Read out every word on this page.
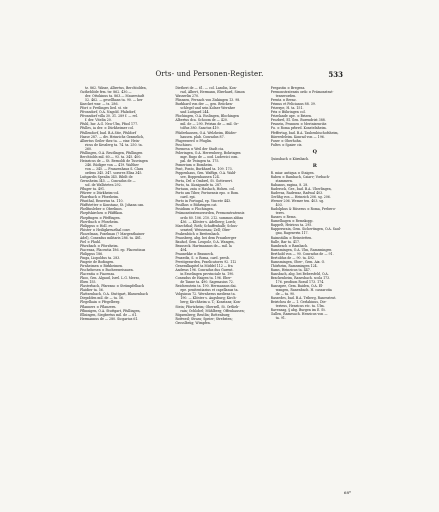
Orts- und Personen-Register.	533
tz. 862. Wässe, Albertus, Berchtolden,
Gutheblöde frm. tw. 862. 430.—
der. Ottokinus ta. 863.— Mauerstadt
52. 462. — gesellhans ta. 90. — her
Knecket wnr. — tz. 286.
Pfort ≡ Freilinges lied. st. str.
Pfronsdorf, O.A. Nagold. Pfalzdorf,
Pfronsdorf villa 30. 31. 289 f. — rel.
f. der. Vitelin 20.
Pfuhl, hsr. A.G. Neu-Ulm, Pfuol 177.
Pfulles, ia der. ≡ Dürkheimer col.
Pfullendorf, bad. B.A.Stie, Pfuldorf
Hasse 287. — div. Heinrichs Gramelich,
Albertus Geiler thez ta. — einr. Hein-
ricus de Kesslerg ta. 74. ta. 250. ta.
260.
Pfullingen, O.A. Reutlingen, Pfullingen
Berchtolds mil. 60.— 93. ta. 345. 400.
Heinricus de — St. Bernoldi de Tusvingen
246. Rüdiger von — 419. Walther
von — 345. — Franzenhaus S. Clara
ordens 345. 347. sorores Elisa 345.
Luitgardis Spealin 345. Ribilt de
Gernsheim 345. — Conradus de —
sol. de Wallsteten 292.
Pfluger ta. 491.
Pfürrer ≡ Dürkheim-col.
Pharrbach ≡ Pforzheim.
Pfunthal, Reuerius ta. 110.
Pfaffstetter ≡ Konstanz, St. Johann can.
Phelfinsleber ≡ Oberlinos.
Phepfskirchen ≡ Pfäffikon.
Phepfingen ≡ Pfeffingen.
Phertbach ≡ Pforzheim.
Philippus ≡ Holl. ev.
Phister ≡ Heiligkreuzthal conv.
Phozelman, Pozelman (? Margenthainer
Adel), Conradus militaris 286. ta. 481.
Piel ≡ Phuhl.
Pfurzbach ≡ Pforzheim.
Piacenza, Placentia 186. ep. Placentinus
Philippus 186.
Pinga, Liopoldus ta. 283.
Pingeie de Bodingen.
Pirnheimen ≡ Birkheimen.
Pischelsesen ≡ Buchenweisauen.
Placentia ≡ Piacenza.
Pkoo, Gen. Algaud, Isrel. L.G. Merzo,
Eben 155.
Plasterbach, Pfarrano ≡ Strümpfelbach
Plaidier ta. 56.
Plattsenbach, O.A. Stuttgart, Blassenbach
Diepolden mil. de — ta. 56.
Plegelhain ≡ Pfegelberg.
Pflanners ≡ Pflanzern.
Pflinnigen, O.A. Stuttgart, Pfullingen,
Ellningen, Siegbertus mil. de — 61.
Hermannus de — 280. Sicgarius 61.
Dietheri de — 61. — col. Lasolin, Kon-
rad, Albert, Hermann, Eberhard, Simon
Wasserlin 270.
Plinnsen, Fernach von Ziskingen 13. 98.
Burkhard von der —, gen. Brücken-
schlegel und sein Kolner Wernher
und Luitgard 244.
Plochingen, O.A. Esslingen, Blochingen
Albertus dca. Schoom de — 420.
mil. de — 290. Petrian de — mil. Or-
tolfus 380. Sanctus 419.
Plüderhausen, O.A. Welzheim, Blüder-
hausen. plab. Conradus 87.
Plugenwerd ≡ Pfuglin.
Poschiavo.
Poemesa ≡ Weil der Stadt cia.
Poleringen, O.A. Herrenberg, Bohringen
mgr. Rugo de — ood. Ludewici com.
pal. de Twingen ta. 175.
Pomerium ≡ Bomheim.
Pont, Ponto, Burkhard ta. 109. 173.
Poppenhaus, Gen. Waffigs, O.A. Wald-
see, Boppenhausen 124.
Porta, Del ≡ Ombrel, St. Gottswert.
Porto, ta. Kunigunde ta. 287.
Portaun, zata ≡ Haslach, Hohen. col.
Porto am Tiber, Portuensis epo. ≡ Rom.
card. epi.
Porto in Portugal, ep. Vincete 443.
Posilhus ≡ Bühringen cat.
Posidium ≡ Plochingen.
Prämonstratenserorden, Premonstratensis
ordo 80. 106. 210. 212. summus abbas
436. — Klöster s. Adelberg; Lorch;
Marchthal; Roth; Schaffenhalb; Schus-
senried; Weissenau; Zell; Ober-
Frakenbüch ≡ Breitenbach.
Prausberg, abg. bei dem Prausberger
Bauhof, Gem. Leupolz, O.A. Wangen,
Brauseck. Hartmannus de— mil. la
494.
Praunekke ≡ Brauneck.
Praxedis, S. ≡ Roma, card. presb.
Prestigerarden, Praelicatores 92. 112
Generalkapitel ta Middel 112 — fra
Andreas 196. Conradus dus Gurent.
in Esselingen provinciale ta. 190.
Conradus de Haigen ta. 196. Eber-
de Tanne ta. 490. Sagenasius 72.
Reichenstein ta. 190. Hermannus dai.
epe. penitentiarius et capellanus ta.
Volquinus 72. Wernherus mediens ta.
190. — Klöster s. Augsburg; Kirch-
berg; Kirchheim u. T.; Konstanz; Kon-
Stein; Pfortzheim; Oberzell, St. Ortlieb-
rain; Ochlobel; Mühlberg; Offenhausen;
Rüpzenberg; Reutlin; Rottenburg;
Rottweil; Strass; Speier; Strebsten;
Grosslbrüg; Wimpfen.
Pregastin ≡ Bregenz.
Premonstratensis ordo ≡ Prämonstrat-
tenserorden.
Prenta ≡ Brenz.
Primus et Felicianus 88. 39.
Prizerpe, H. ta. 151.
Prix ≡ Bühringen col.
Prizelande upe. ≡ Brizen.
Prozbrel, El. Gen. Burendrist 388.
Prunein, Prunnen ≡ Merinisenriär.
Pu. ≡ Roma prbrrd. Konstelnheim.
Pfeffertag, bad. B.A. Taubenbischofsheim,
Bäwerdeleim. Konrad von — 196.
Puser ≡ Oberhohn.
Pultes ≡ Spaier cis.
Q
Quinsbach ≡ Kürnbach.
R
R. miar. antiqua ≡ Staigen.
Raben ≡ Rambach, Caiarv; Vorbach-
stammern.
Rabanus, ragina, 8. 28.
Raderock, Ger., bad. B.A. Überlingen,
Radevaz, Radewaz, Radwal 403.
Gerlihg von — Heinrich 206. sg. 206.
Werner 206. Wemer ten. 403. sg.
403.
Radolphus & Rüserus ≡ Roma, Prebero-
teres.
Rasses ≡ Rems.
Ramelhagen ≡ Remskopp.
Rappelt, Heiricus ta. 295.
Rappersrain, Gem. Sichertingen, O.A. Saul-
gau, Ragenvrin 117.
Raimstälin ≡ Reinstetten.
Ralle, Bar ta. 417.
Rambrach ≡ Rambach.
Ramsmingen, O.A. Ulm, Ramsmingen
Berthold von — 90. Conradus de — 91.
Bertoldus de — 90. ta. 492.
Ramsmingen, Ober-, Gem. Aix. O.
Thürheim, Ramsmingen 124.
Rams, Heinricus ta. 447.
Ransbach, abg. bei Bebersfeld, O.A.
Brackenheim, Ranesbach. scola 173.
176. prodium Rossil 173. 174.
Ransspee, Gem. Baiden, O.A. El-
wangen, Ranenbach. H. cassarotia
de — ta. 90.
Rassedes, bad. B.A. Triberg, Ranesstrut.
Beirichea de — 1. Gerlahinus, Die-
terieus, Henricus etc. ta. Ulm.
Ravensag, § abg. Burgen im E. St.
Gallen, Ramesach. Henricus von —
ta. 91.
68*
